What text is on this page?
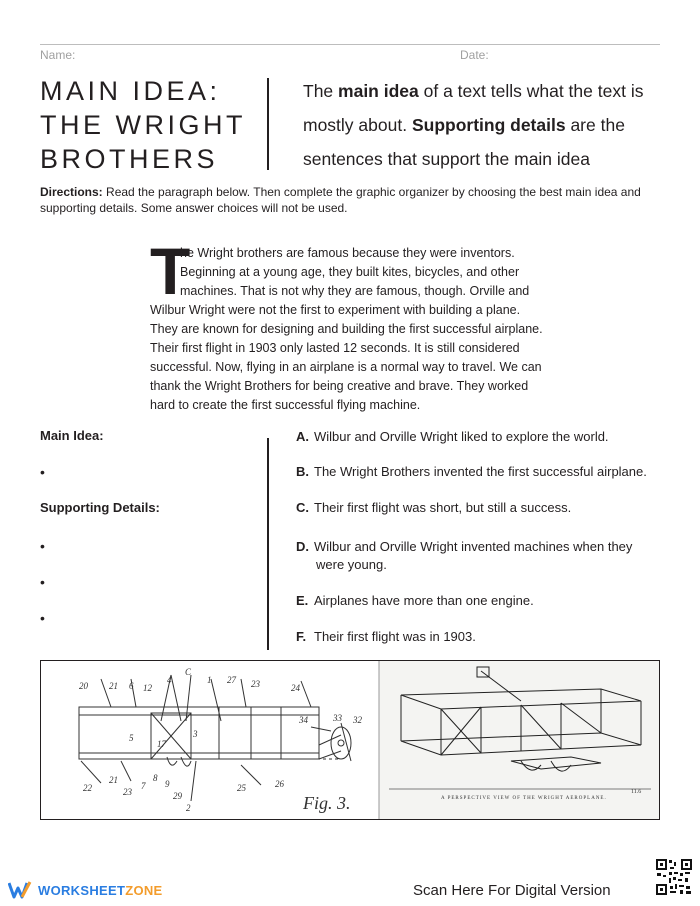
Name:	Date:
MAIN IDEA:
THE WRIGHT
BROTHERS
The main idea of a text tells what the text is
mostly about. Supporting details are the
sentences that support the main idea
Directions: Read the paragraph below. Then complete the graphic organizer by choosing the best main idea and supporting details. Some answer choices will not be used.
T
he Wright brothers are famous because they were inventors.
Beginning at a young age, they built kites, bicycles, and other
machines. That is not why they are famous, though. Orville and
Wilbur Wright were not the first to experiment with building a plane.
They are known for designing and building the first successful airplane.
Their first flight in 1903 only lasted 12 seconds. It is still considered
successful. Now, flying in an airplane is a normal way to travel. We can
thank the Wright Brothers for being creative and brave. They worked
hard to create the first successful flying machine.
Main Idea:
•
Supporting Details:
•
•
•
A. Wilbur and Orville Wright liked to explore the world.
B. The Wright Brothers invented the first successful airplane.
C. Their first flight was short, but still a success.
D. Wilbur and Orville Wright invented machines when they
were young.
E. Airplanes have more than one engine.
F. Their first flight was in 1903.
20 21 6 12
4
C
1 27 23	24
5
17
3
34	33 32
22
21
23
7
8
9
29
2
25	26
Fig. 3.	A PERSPECTIVE VIEW OF THE WRIGHT AEROPLANE.
11.6
WORKSHEETZONE	Scan Here For Digital Version
